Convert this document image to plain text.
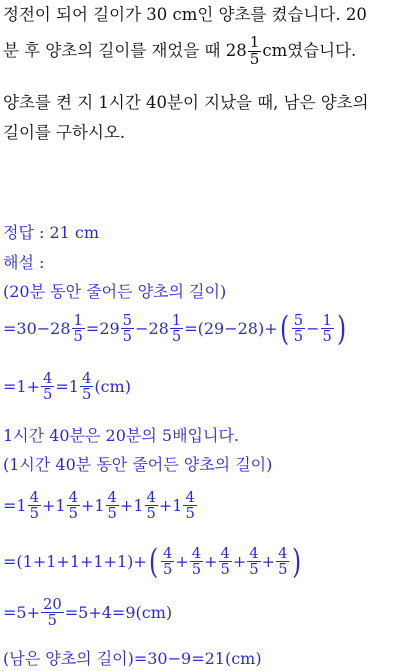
정전이 되어 길이가 30 cm인 양초를 켰습니다. 20
분 후 양초의 길이를 재었을 때 $28 \frac{1}{5}$ cm였습니다.
양초를 켠 지 1시간 40분이 지났을 때, 남은 양초의
길이를 구하시오.
정답 : 21 cm
해설 :
(20분 동안 줄어든 양초의 길이)
$=30-28 \frac{1}{5} =29 \frac{5}{5} -28 \frac{1}{5} =(29-28)+$ ( $\frac{5}{5} - \frac{1}{5}$ )
$=1+ \frac{4}{5} =1 \frac{4}{5} (cm)$
1시간 40분은 20분의 5배입니다.
(1시간 40분 동안 줄어든 양초의 길이)
$=1 \frac{4}{5} +1 \frac{4}{5} +1 \frac{4}{5} +1 \frac{4}{5} +1 \frac{4}{5}$
=(1+1+1+1+1)+ ( $\frac{4}{5} + \frac{4}{5} + \frac{4}{5} + \frac{4}{5} + \frac{4}{5}$ )
$=5+ \frac{20}{5} =5+4=9(cm)$
(남은 양초의 길이)=30−9=21(cm)
